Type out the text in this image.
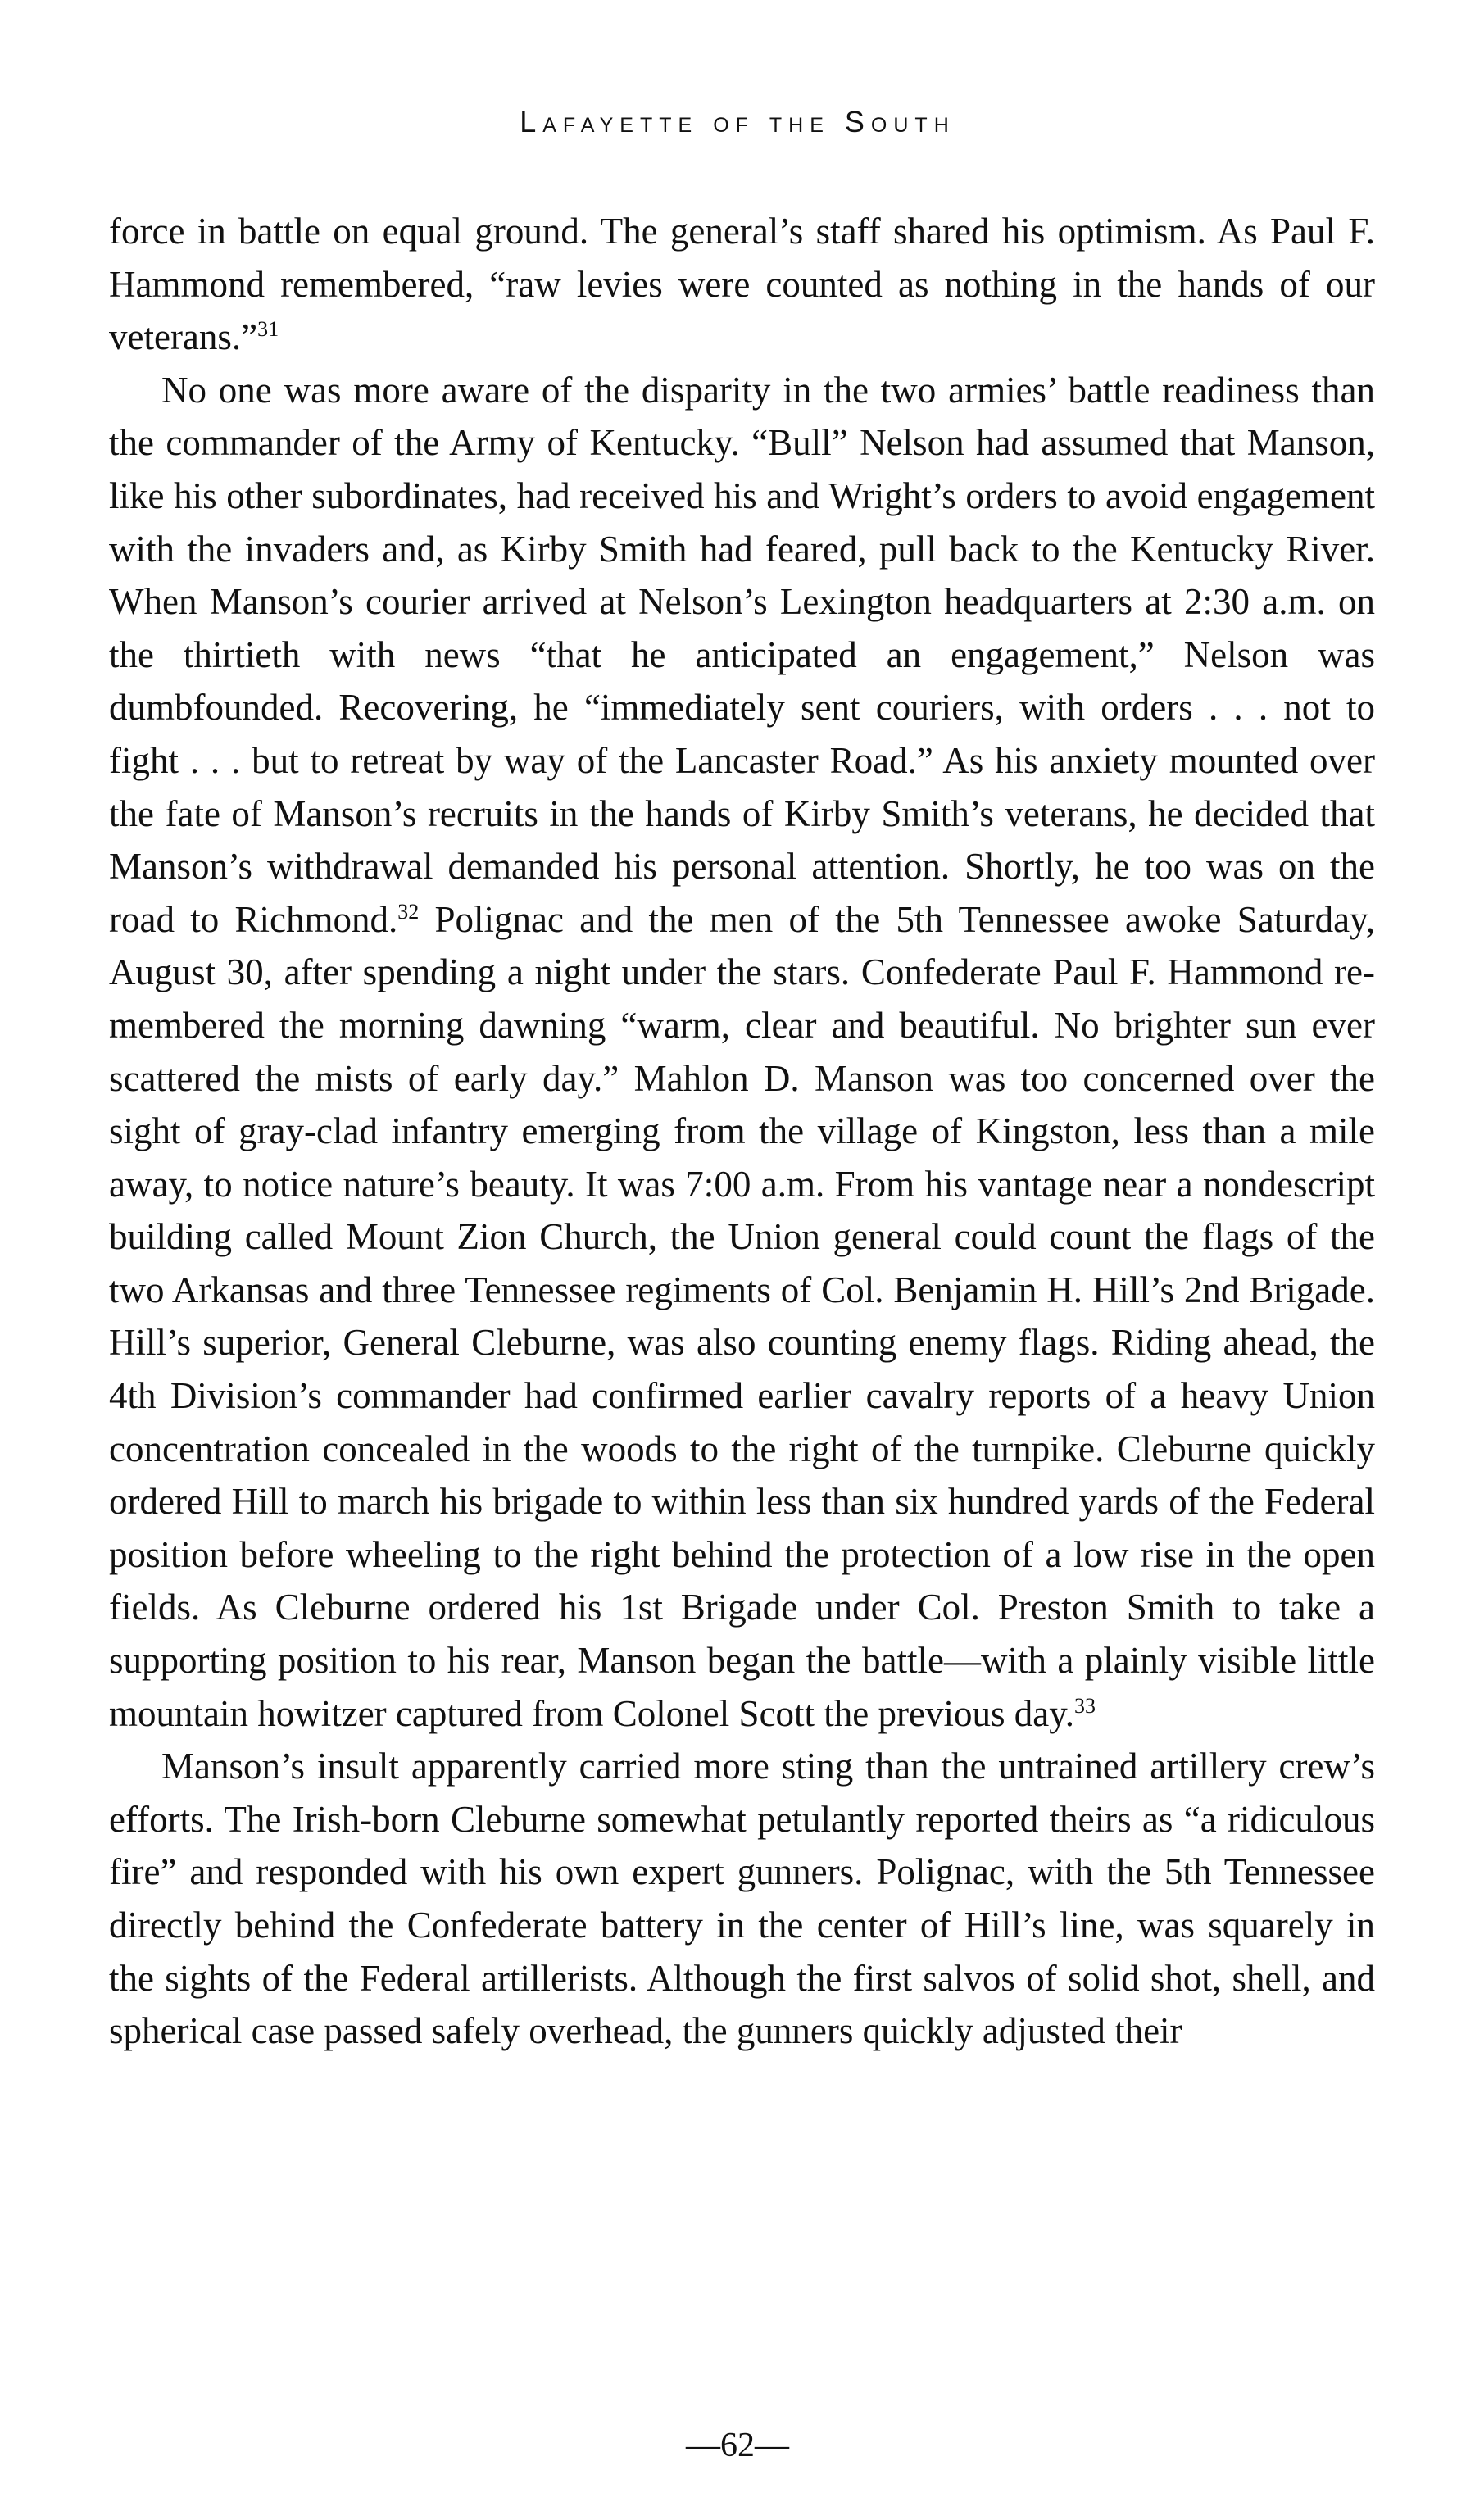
Lafayette of the South

force in battle on equal ground. The general’s staff shared his optimism. As Paul F. Hammond remembered, “raw levies were counted as nothing in the hands of our veterans.”$^{31}$

No one was more aware of the disparity in the two armies’ battle readiness than the commander of the Army of Kentucky. “Bull” Nelson had assumed that Manson, like his other subordinates, had received his and Wright’s orders to avoid engagement with the invaders and, as Kirby Smith had feared, pull back to the Kentucky River. When Manson’s courier arrived at Nelson’s Lexington headquarters at 2:30 a.m. on the thirtieth with news “that he anticipated an engagement,” Nelson was dumbfounded. Recovering, he “immediately sent couriers, with orders . . . not to fight . . . but to retreat by way of the Lancaster Road.” As his anxiety mounted over the fate of Manson’s recruits in the hands of Kirby Smith’s veterans, he decided that Manson’s withdrawal demanded his personal attention. Shortly, he too was on the road to Richmond.$^{32}$ Polignac and the men of the 5th Tennessee awoke Saturday, August 30, after spending a night under the stars. Confederate Paul F. Hammond remembered the morning dawning “warm, clear and beautiful. No brighter sun ever scattered the mists of early day.” Mahlon D. Manson was too concerned over the sight of gray-clad infantry emerging from the village of Kingston, less than a mile away, to notice nature’s beauty. It was 7:00 a.m. From his vantage near a nondescript building called Mount Zion Church, the Union general could count the flags of the two Arkansas and three Tennessee regiments of Col. Benjamin H. Hill’s 2nd Brigade. Hill’s superior, General Cleburne, was also counting enemy flags. Riding ahead, the 4th Division’s commander had confirmed earlier cavalry reports of a heavy Union concentration concealed in the woods to the right of the turnpike. Cleburne quickly ordered Hill to march his brigade to within less than six hundred yards of the Federal position before wheeling to the right behind the protection of a low rise in the open fields. As Cleburne ordered his 1st Brigade under Col. Preston Smith to take a supporting position to his rear, Manson began the battle—with a plainly visible little mountain howitzer captured from Colonel Scott the previous day.$^{33}$

Manson’s insult apparently carried more sting than the untrained artillery crew’s efforts. The Irish-born Cleburne somewhat petulantly reported theirs as “a ridiculous fire” and responded with his own expert gunners. Polignac, with the 5th Tennessee directly behind the Confederate battery in the center of Hill’s line, was squarely in the sights of the Federal artillerists. Although the first salvos of solid shot, shell, and spherical case passed safely overhead, the gunners quickly adjusted their

—62—
